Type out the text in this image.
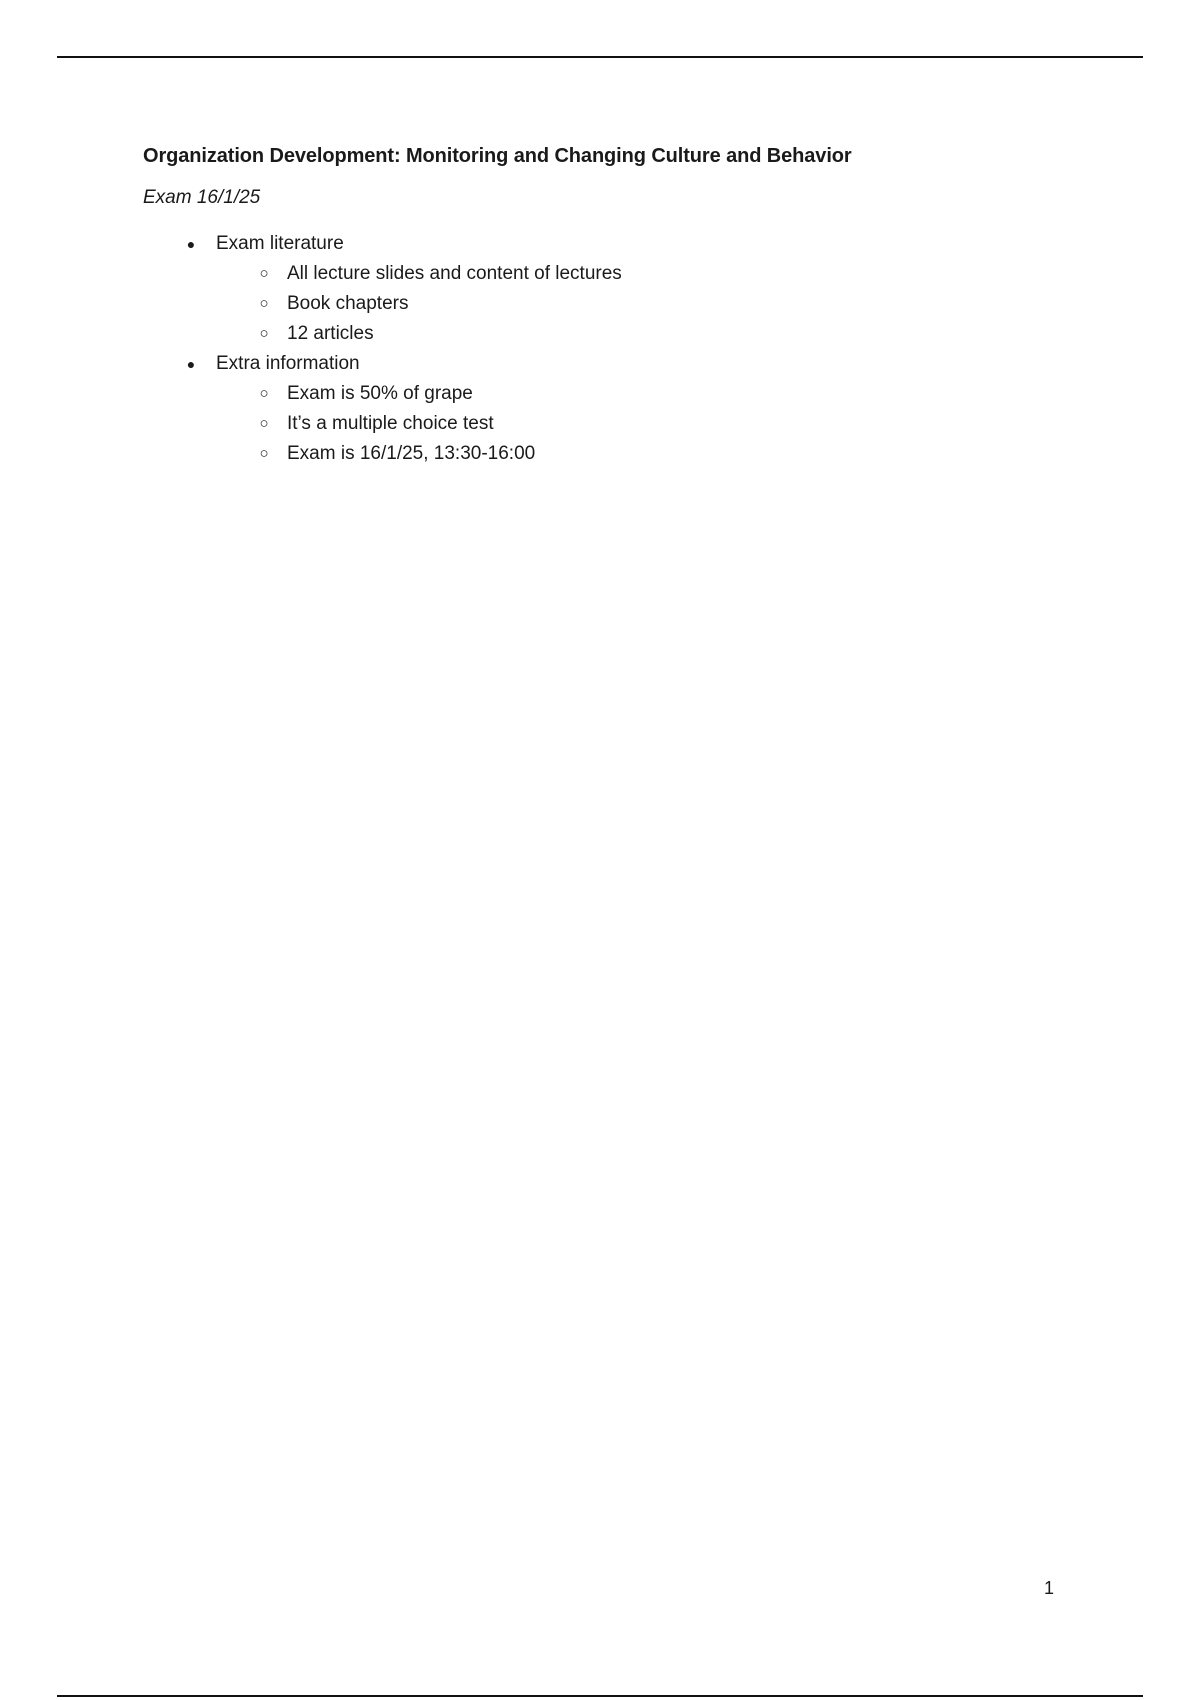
Organization Development: Monitoring and Changing Culture and Behavior

Exam 16/1/25

●	Exam literature
○ All lecture slides and content of lectures
○ Book chapters
○ 12 articles
●	Extra information
○ Exam is 50% of grape
○ It’s a multiple choice test
○ Exam is 16/1/25, 13:30-16:00
1
